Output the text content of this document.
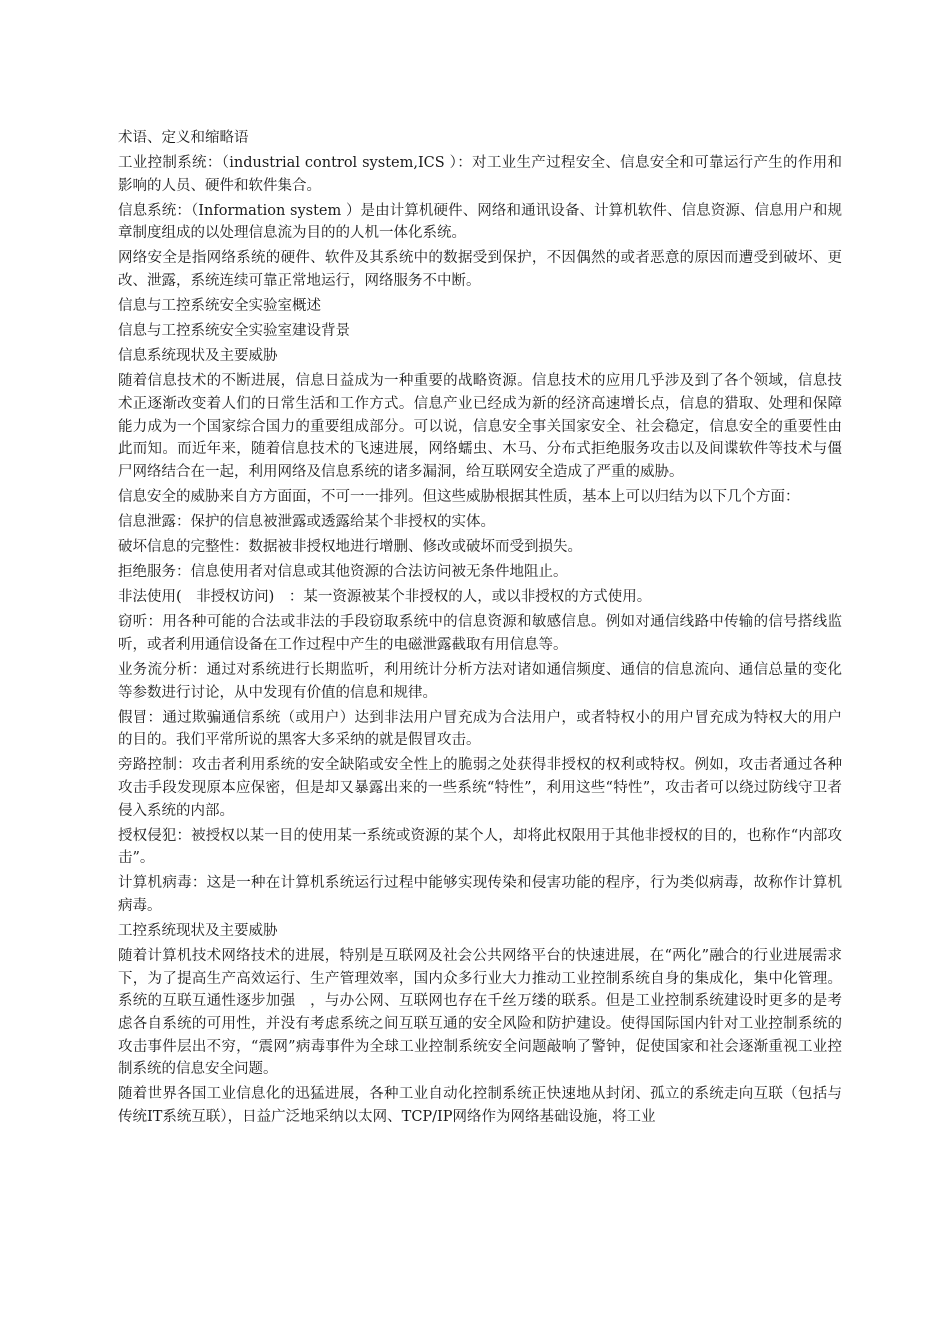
术语、定义和缩略语

工业控制系统：（industrial control system,ICS ）：对工业生产过程安全、信息安全和可靠运行产生的作用和影响的人员、硬件和软件集合。

信息系统：（Information system ）是由计算机硬件、网络和通讯设备、计算机软件、信息资源、信息用户和规章制度组成的以处理信息流为目的的人机一体化系统。

网络安全是指网络系统的硬件、软件及其系统中的数据受到保护，不因偶然的或者恶意的原因而遭受到破坏、更改、泄露，系统连续可靠正常地运行，网络服务不中断。

信息与工控系统安全实验室概述

信息与工控系统安全实验室建设背景

信息系统现状及主要威胁

随着信息技术的不断进展，信息日益成为一种重要的战略资源。信息技术的应用几乎涉及到了各个领域，信息技术正逐渐改变着人们的日常生活和工作方式。信息产业已经成为新的经济高速增长点，信息的猎取、处理和保障能力成为一个国家综合国力的重要组成部分。可以说，信息安全事关国家安全、社会稳定，信息安全的重要性由此而知。而近年来，随着信息技术的飞速进展，网络蠕虫、木马、分布式拒绝服务攻击以及间谍软件等技术与僵尸网络结合在一起，利用网络及信息系统的诸多漏洞，给互联网安全造成了严重的威胁。

信息安全的威胁来自方方面面，不可一一排列。但这些威胁根据其性质，基本上可以归结为以下几个方面：

信息泄露：保护的信息被泄露或透露给某个非授权的实体。

破坏信息的完整性：数据被非授权地进行增删、修改或破坏而受到损失。

拒绝服务：信息使用者对信息或其他资源的合法访问被无条件地阻止。

非法使用(　非授权访问)　：某一资源被某个非授权的人，或以非授权的方式使用。

窃听：用各种可能的合法或非法的手段窃取系统中的信息资源和敏感信息。例如对通信线路中传输的信号搭线监听，或者利用通信设备在工作过程中产生的电磁泄露截取有用信息等。

业务流分析：通过对系统进行长期监听，利用统计分析方法对诸如通信频度、通信的信息流向、通信总量的变化等参数进行讨论，从中发现有价值的信息和规律。

假冒：通过欺骗通信系统（或用户）达到非法用户冒充成为合法用户，或者特权小的用户冒充成为特权大的用户的目的。我们平常所说的黑客大多采纳的就是假冒攻击。

旁路控制：攻击者利用系统的安全缺陷或安全性上的脆弱之处获得非授权的权利或特权。例如，攻击者通过各种攻击手段发现原本应保密，但是却又暴露出来的一些系统“特性”，利用这些“特性”，攻击者可以绕过防线守卫者侵入系统的内部。

授权侵犯：被授权以某一目的使用某一系统或资源的某个人，却将此权限用于其他非授权的目的，也称作“内部攻击”。

计算机病毒：这是一种在计算机系统运行过程中能够实现传染和侵害功能的程序，行为类似病毒，故称作计算机病毒。

工控系统现状及主要威胁

随着计算机技术网络技术的进展，特别是互联网及社会公共网络平台的快速进展，在“两化”融合的行业进展需求下，为了提高生产高效运行、生产管理效率，国内众多行业大力推动工业控制系统自身的集成化，集中化管理。系统的互联互通性逐步加强　，与办公网、互联网也存在千丝万缕的联系。但是工业控制系统建设时更多的是考虑各自系统的可用性，并没有考虑系统之间互联互通的安全风险和防护建设。使得国际国内针对工业控制系统的攻击事件层出不穷，“震网”病毒事件为全球工业控制系统安全问题敲响了警钟，促使国家和社会逐渐重视工业控制系统的信息安全问题。

随着世界各国工业信息化的迅猛进展，各种工业自动化控制系统正快速地从封闭、孤立的系统走向互联（包括与传统IT系统互联），日益广泛地采纳以太网、TCP/IP网络作为网络基础设施，将工业
